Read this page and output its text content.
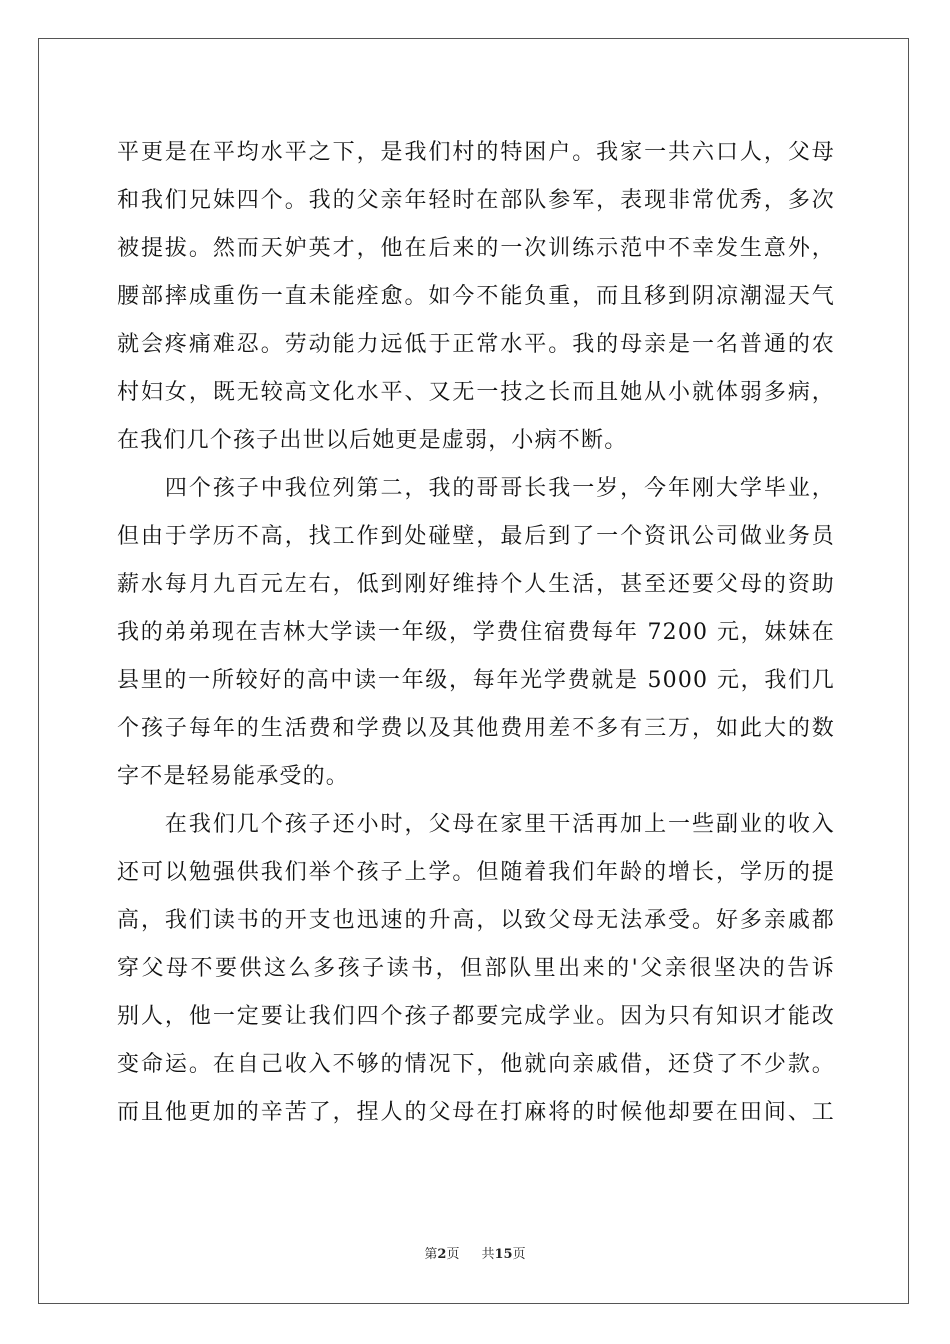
平更是在平均水平之下，是我们村的特困户。我家一共六口人，父母
和我们兄妹四个。我的父亲年轻时在部队参军，表现非常优秀，多次
被提拔。然而天妒英才，他在后来的一次训练示范中不幸发生意外，
腰部摔成重伤一直未能痊愈。如今不能负重，而且移到阴凉潮湿天气
就会疼痛难忍。劳动能力远低于正常水平。我的母亲是一名普通的农
村妇女，既无较高文化水平、又无一技之长而且她从小就体弱多病，
在我们几个孩子出世以后她更是虚弱，小病不断。
　　四个孩子中我位列第二，我的哥哥长我一岁，今年刚大学毕业，
但由于学历不高，找工作到处碰壁，最后到了一个资讯公司做业务员
薪水每月九百元左右，低到刚好维持个人生活，甚至还要父母的资助
我的弟弟现在吉林大学读一年级，学费住宿费每年 7200 元，妹妹在
县里的一所较好的高中读一年级，每年光学费就是 5000 元，我们几
个孩子每年的生活费和学费以及其他费用差不多有三万，如此大的数
字不是轻易能承受的。
　　在我们几个孩子还小时，父母在家里干活再加上一些副业的收入
还可以勉强供我们举个孩子上学。但随着我们年龄的增长，学历的提
高，我们读书的开支也迅速的升高，以致父母无法承受。好多亲戚都
穿父母不要供这么多孩子读书，但部队里出来的'父亲很坚决的告诉
别人，他一定要让我们四个孩子都要完成学业。因为只有知识才能改
变命运。在自己收入不够的情况下，他就向亲戚借，还贷了不少款。
而且他更加的辛苦了，捏人的父母在打麻将的时候他却要在田间、工
第2页 共15页
